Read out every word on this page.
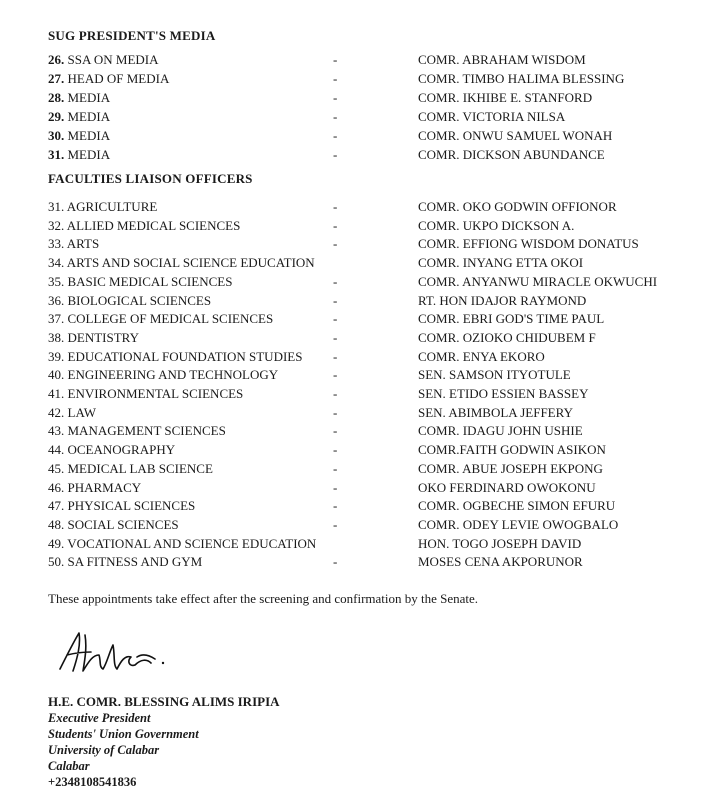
SUG PRESIDENT'S MEDIA
26. SSA ON MEDIA	-	COMR. ABRAHAM WISDOM
27. HEAD OF MEDIA	-	COMR. TIMBO HALIMA BLESSING
28. MEDIA	-	COMR. IKHIBE E. STANFORD
29. MEDIA	-	COMR. VICTORIA NILSA
30. MEDIA	-	COMR. ONWU SAMUEL WONAH
31. MEDIA	-	COMR. DICKSON ABUNDANCE
FACULTIES LIAISON OFFICERS
31. AGRICULTURE	-	COMR. OKO GODWIN OFFIONOR
32. ALLIED MEDICAL SCIENCES	-	COMR. UKPO DICKSON A.
33. ARTS	-	COMR. EFFIONG WISDOM DONATUS
34. ARTS AND SOCIAL SCIENCE EDUCATION	COMR. INYANG ETTA OKOI
35. BASIC MEDICAL SCIENCES	-	COMR. ANYANWU MIRACLE OKWUCHI
36. BIOLOGICAL SCIENCES	-	RT. HON IDAJOR RAYMOND
37. COLLEGE OF MEDICAL SCIENCES	-	COMR. EBRI GOD'S TIME PAUL
38. DENTISTRY	-	COMR. OZIOKO CHIDUBEM F
39. EDUCATIONAL FOUNDATION STUDIES -	COMR. ENYA EKORO
40. ENGINEERING AND TECHNOLOGY	-	SEN. SAMSON ITYOTULE
41. ENVIRONMENTAL SCIENCES	-	SEN. ETIDO ESSIEN BASSEY
42. LAW	-	SEN. ABIMBOLA JEFFERY
43. MANAGEMENT SCIENCES	-	COMR. IDAGU JOHN USHIE
44. OCEANOGRAPHY	-	COMR.FAITH GODWIN ASIKON
45. MEDICAL LAB SCIENCE	-	COMR. ABUE JOSEPH EKPONG
46. PHARMACY	-	OKO FERDINARD OWOKONU
47. PHYSICAL SCIENCES	-	COMR. OGBECHE SIMON EFURU
48. SOCIAL SCIENCES	-	COMR. ODEY LEVIE OWOGBALO
49. VOCATIONAL AND SCIENCE EDUCATION	HON. TOGO JOSEPH DAVID
50. SA FITNESS AND GYM	-	MOSES CENA AKPORUNOR
These appointments take effect after the screening and confirmation by the Senate.
H.E. COMR. BLESSING ALIMS IRIPIA
Executive President
Students' Union Government
University of Calabar
Calabar
+2348108541836
